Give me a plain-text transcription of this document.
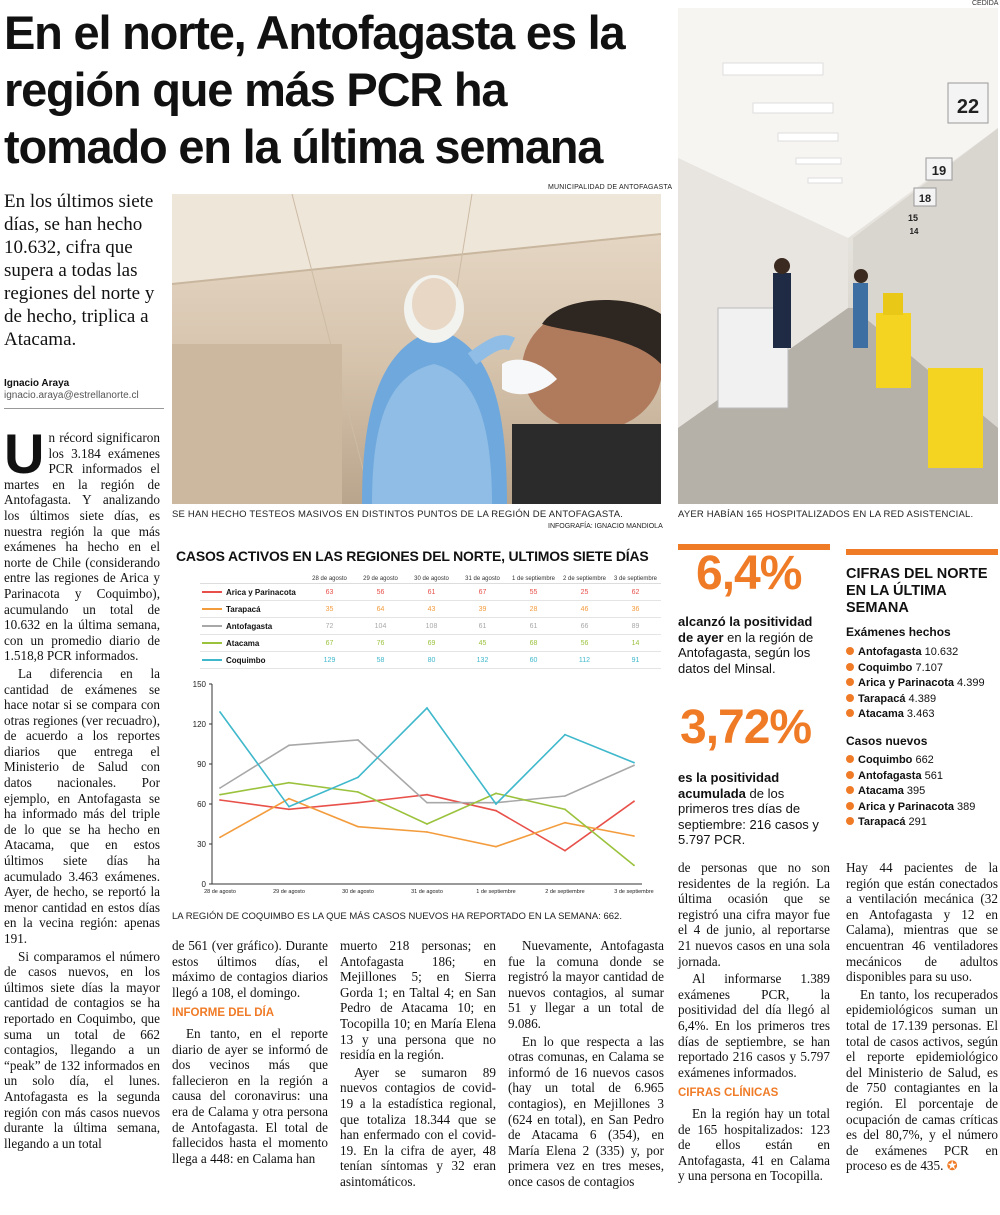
CEDIDA
En el norte, Antofagasta es la región que más PCR ha tomado en la última semana
En los últimos siete días, se han hecho 10.632, cifra que supera a todas las regiones del norte y de hecho, triplica a Atacama.
Ignacio Araya
ignacio.araya@estrellanorte.cl
MUNICIPALIDAD DE ANTOFAGASTA
SE HAN HECHO TESTEOS MASIVOS EN DISTINTOS PUNTOS DE LA REGIÓN DE ANTOFAGASTA.
INFOGRAFÍA: IGNACIO MANDIOLA
22
19
18
15
14
AYER HABÍAN 165 HOSPITALIZADOS EN LA RED ASISTENCIAL.
CASOS ACTIVOS EN LAS REGIONES DEL NORTE, ULTIMOS SIETE DÍAS
	28 de agosto	29 de agosto	30 de agosto	31 de agosto	1 de septiembre	2 de septiembre	3 de septiembre
Arica y Parinacota	63	56	61	67	55	25	62
Tarapacá	35	64	43	39	28	46	36
Antofagasta	72	104	108	61	61	66	89
Atacama	67	76	69	45	68	56	14
Coquimbo	129	58	80	132	60	112	91
0
30
60
90
120
150
28 de agosto	29 de agosto	30 de agosto	31 de agosto	1 de septiembre	2 de septiembre	3 de septiembre
LA REGIÓN DE COQUIMBO ES LA QUE MÁS CASOS NUEVOS HA REPORTADO EN LA SEMANA: 662.

Un récord significaron los 3.184 exámenes PCR informados el martes en la región de Antofagasta. Y analizando los últimos siete días, es nuestra región la que más exámenes ha hecho en el norte de Chile (considerando entre las regiones de Arica y Parinacota y Coquimbo), acumulando un total de 10.632 en la última semana, con un promedio diario de 1.518,8 PCR informados.

La diferencia en la cantidad de exámenes se hace notar si se compara con otras regiones (ver recuadro), de acuerdo a los reportes diarios que entrega el Ministerio de Salud con datos nacionales. Por ejemplo, en Antofagasta se ha informado más del triple de lo que se ha hecho en Atacama, que en estos últimos siete días ha acumulado 3.463 exámenes. Ayer, de hecho, se reportó la menor cantidad en estos días en la vecina región: apenas 191.

Si comparamos el número de casos nuevos, en los últimos siete días la mayor cantidad de contagios se ha reportado en Coquimbo, que suma un total de 662 contagios, llegando a un “peak” de 132 informados en un solo día, el lunes. Antofagasta es la segunda región con más casos nuevos durante la última semana, llegando a un total

de 561 (ver gráfico). Durante estos últimos días, el máximo de contagios diarios llegó a 108, el domingo.

INFORME DEL DÍA

En tanto, en el reporte diario de ayer se informó de dos vecinos más que fallecieron en la región a causa del coronavirus: una era de Calama y otra persona de Antofagasta. El total de fallecidos hasta el momento llega a 448: en Calama han

muerto 218 personas; en Antofagasta 186; en Mejillones 5; en Sierra Gorda 1; en Taltal 4; en San Pedro de Atacama 10; en Tocopilla 10; en María Elena 13 y una persona que no residía en la región.

Ayer se sumaron 89 nuevos contagios de covid-19 a la estadística regional, que totaliza 18.344 que se han enfermado con el covid-19. En la cifra de ayer, 48 tenían síntomas y 32 eran asintomáticos.

Nuevamente, Antofagasta fue la comuna donde se registró la mayor cantidad de nuevos contagios, al sumar 51 y llegar a un total de 9.086.

En lo que respecta a las otras comunas, en Calama se informó de 16 nuevos casos (hay un total de 6.965 contagios), en Mejillones 3 (624 en total), en San Pedro de Atacama 6 (354), en María Elena 2 (335) y, por primera vez en tres meses, once casos de contagios

de personas que no son residentes de la región. La última ocasión que se registró una cifra mayor fue el 4 de junio, al reportarse 21 nuevos casos en una sola jornada.

Al informarse 1.389 exámenes PCR, la positividad del día llegó al 6,4%. En los primeros tres días de septiembre, se han reportado 216 casos y 5.797 exámenes informados.

CIFRAS CLÍNICAS

En la región hay un total de 165 hospitalizados: 123 de ellos están en Antofagasta, 41 en Calama y una persona en Tocopilla.

Hay 44 pacientes de la región que están conectados a ventilación mecánica (32 en Antofagasta y 12 en Calama), mientras que se encuentran 46 ventiladores mecánicos de adultos disponibles para su uso.

En tanto, los recuperados epidemiológicos suman un total de 17.139 personas. El total de casos activos, según el reporte epidemiológico del Ministerio de Salud, es de 750 contagiantes en la región. El porcentaje de ocupación de camas críticas es del 80,7%, y el número de exámenes PCR en proceso es de 435. ✪

6,4%
alcanzó la positividad de ayer en la región de Antofagasta, según los datos del Minsal.
3,72%
es la positividad acumulada de los primeros tres días de septiembre: 216 casos y 5.797 PCR.
CIFRAS DEL NORTE EN LA ÚLTIMA SEMANA
Exámenes hechos
Antofagasta 10.632
Coquimbo 7.107
Arica y Parinacota 4.399
Tarapacá 4.389
Atacama 3.463
Casos nuevos
Coquimbo 662
Antofagasta 561
Atacama 395
Arica y Parinacota 389
Tarapacá 291
